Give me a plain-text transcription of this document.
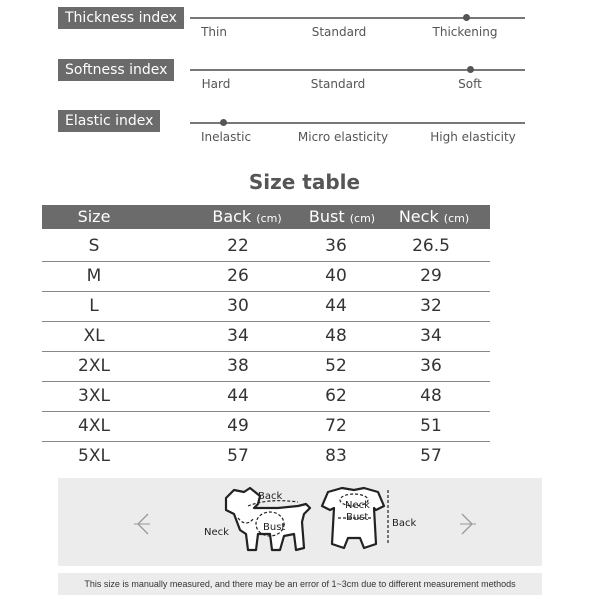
Thickness index
Thin	Standard	Thickening
Softness index
Hard	Standard	Soft
Elastic index
Inelastic	Micro elasticity	High elasticity
Size table
Size	Back (cm) Bust (cm) Neck (cm)
S	22	36	26.5
M	26	40	29
L	30	44	32
XL	34	48	34
2XL	38	52	36
3XL	44	62	48
4XL	49	72	51
5XL	57	83	57
Back
Bust
Neck
Neck
Bust
Back
This size is manually measured, and there may be an error of 1~3cm due to different measurement methods
